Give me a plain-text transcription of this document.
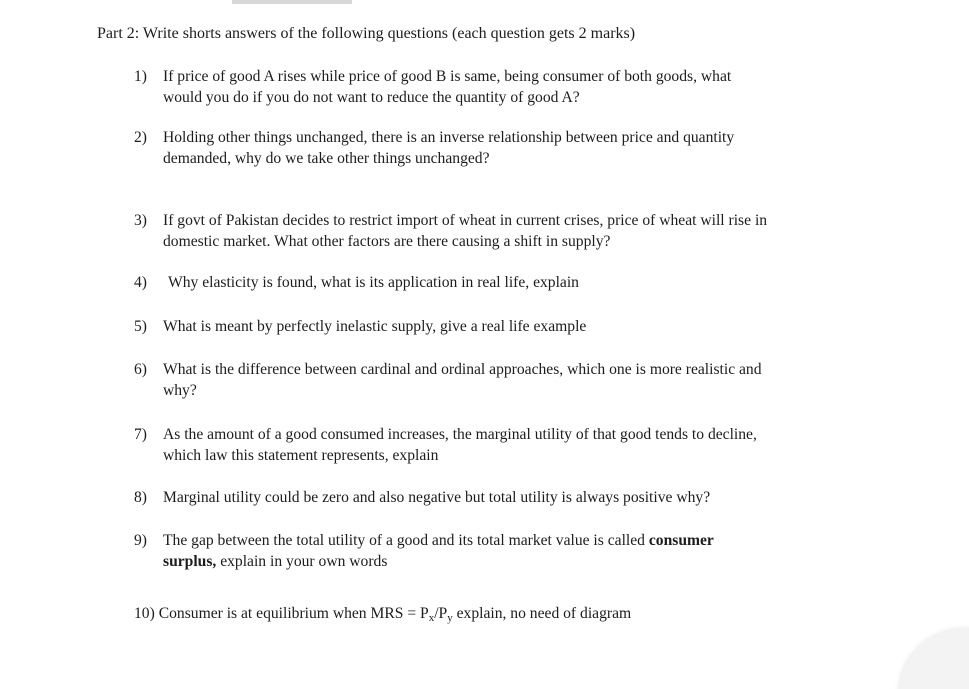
Part 2: Write shorts answers of the following questions (each question gets 2 marks)
1) If price of good A rises while price of good B is same, being consumer of both goods, what
would you do if you do not want to reduce the quantity of good A?
2) Holding other things unchanged, there is an inverse relationship between price and quantity
demanded, why do we take other things unchanged?
3) If govt of Pakistan decides to restrict import of wheat in current crises, price of wheat will rise in
domestic market. What other factors are there causing a shift in supply?
4) Why elasticity is found, what is its application in real life, explain
5) What is meant by perfectly inelastic supply, give a real life example
6) What is the difference between cardinal and ordinal approaches, which one is more realistic and
why?
7) As the amount of a good consumed increases, the marginal utility of that good tends to decline,
which law this statement represents, explain
8) Marginal utility could be zero and also negative but total utility is always positive why?
9) The gap between the total utility of a good and its total market value is called consumer
surplus, explain in your own words
10) Consumer is at equilibrium when MRS = $P_x/P_y$ explain, no need of diagram
